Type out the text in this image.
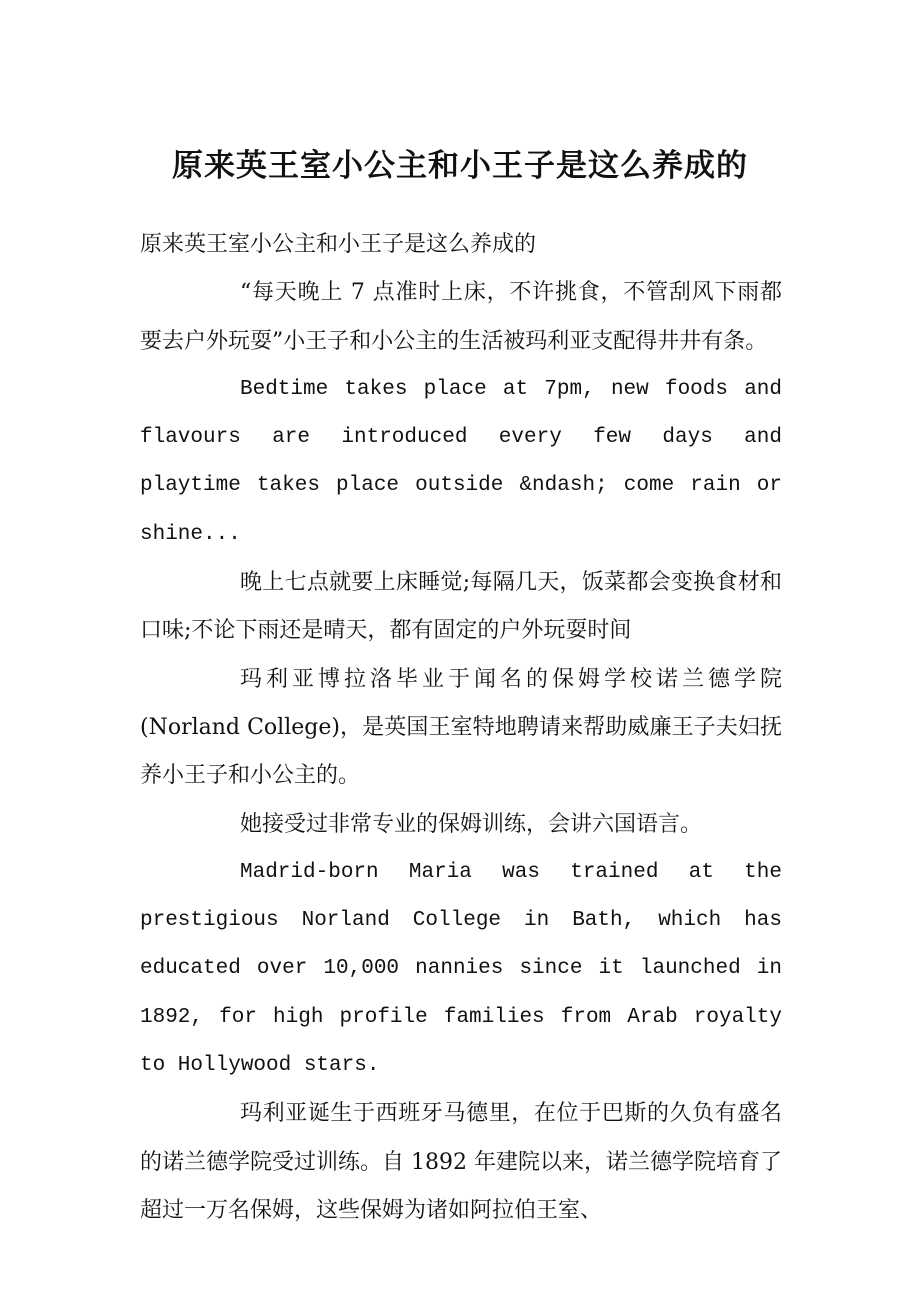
原来英王室小公主和小王子是这么养成的

原来英王室小公主和小王子是这么养成的

“每天晚上 7 点准时上床，不许挑食，不管刮风下雨都要去户外玩耍”小王子和小公主的生活被玛利亚支配得井井有条。

Bedtime takes place at 7pm, new foods and flavours are introduced every few days and playtime takes place outside &ndash; come rain or shine...

晚上七点就要上床睡觉;每隔几天，饭菜都会变换食材和口味;不论下雨还是晴天，都有固定的户外玩耍时间

玛利亚博拉洛毕业于闻名的保姆学校诺兰德学院(Norland College)，是英国王室特地聘请来帮助威廉王子夫妇抚养小王子和小公主的。

她接受过非常专业的保姆训练，会讲六国语言。

Madrid-born Maria was trained at the prestigious Norland College in Bath, which has educated over 10,000 nannies since it launched in 1892, for high profile families from Arab royalty to Hollywood stars.

玛利亚诞生于西班牙马德里，在位于巴斯的久负有盛名的诺兰德学院受过训练。自 1892 年建院以来，诺兰德学院培育了超过一万名保姆，这些保姆为诸如阿拉伯王室、
